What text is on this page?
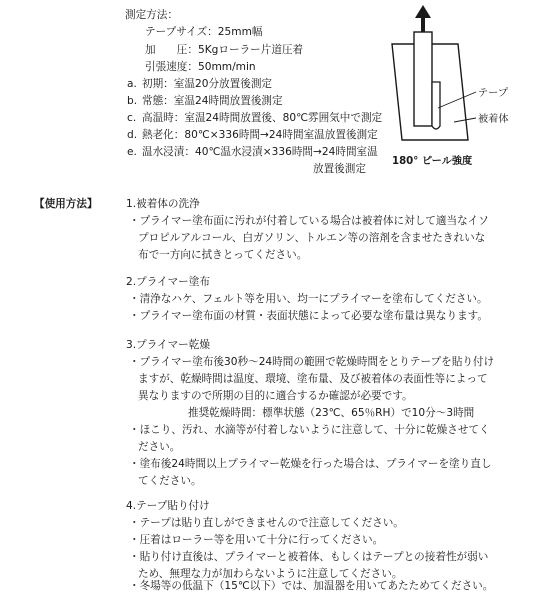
測定方法：
テープサイズ：25mm幅
加　　圧：5Kgローラー片道圧着
引張速度：50mm/min
a. 初期：室温20分放置後測定
b. 常態：室温24時間放置後測定
c. 高温時：室温24時間放置後、80℃雰囲気中で測定
d. 熱老化：80℃×336時間→24時間室温放置後測定
e. 温水浸漬：40℃温水浸漬×336時間→24時間室温
放置後測定
テープ
被着体
180° ピール強度
【使用方法】	1.被着体の洗浄
・プライマー塗布面に汚れが付着している場合は被着体に対して適当なイソ
プロピルアルコール、白ガソリン、トルエン等の溶剤を含ませたきれいな
布で一方向に拭きとってください。
2.プライマー塗布
・清浄なハケ、フェルト等を用い、均一にプライマーを塗布してください。
・プライマー塗布面の材質・表面状態によって必要な塗布量は異なります。
3.プライマー乾燥
・プライマー塗布後30秒～24時間の範囲で乾燥時間をとりテープを貼り付け
ますが、乾燥時間は温度、環境、塗布量、及び被着体の表面性等によって
異なりますので所期の目的に適合するか確認が必要です。
推奨乾燥時間：標準状態（23℃、65％RH）で10分～3時間
・ほこり、汚れ、水滴等が付着しないように注意して、十分に乾燥させてく
ださい。
・塗布後24時間以上プライマー乾燥を行った場合は、プライマーを塗り直し
てください。
4.テープ貼り付け
・テープは貼り直しができませんので注意してください。
・圧着はローラー等を用いて十分に行ってください。
・貼り付け直後は、プライマーと被着体、もしくはテープとの接着性が弱い
ため、無理な力が加わらないように注意してください。
・冬場等の低温下（15℃以下）では、加温器を用いてあたためてください。
